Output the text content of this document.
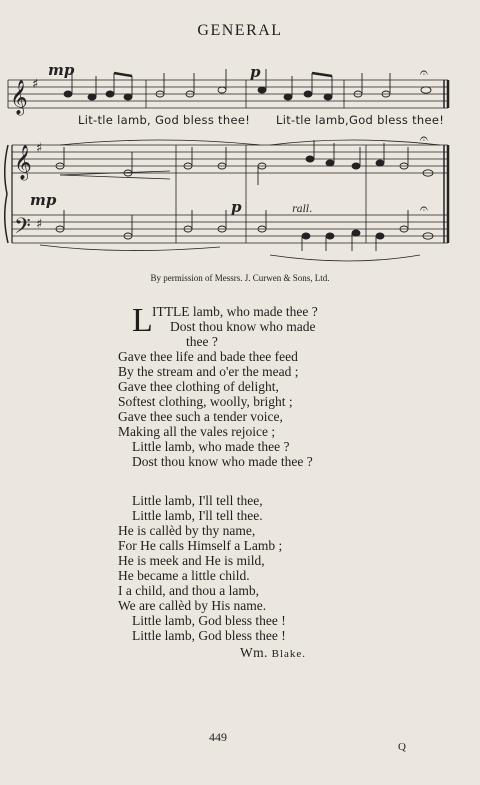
GENERAL
𝄞
𝄞
𝄢
♯
♯
♯
𝄐
𝄐
𝄐
mp	p
mp	p	rall.
Lit-tle lamb, God bless thee! Lit-tle lamb,God bless thee!
By permission of Messrs. J. Curwen & Sons, Ltd.
L ITTLE lamb, who made thee ?
Dost thou know who made
thee ?
Gave thee life and bade thee feed
By the stream and o'er the mead ;
Gave thee clothing of delight,
Softest clothing, woolly, bright ;
Gave thee such a tender voice,
Making all the vales rejoice ;
Little lamb, who made thee ?
Dost thou know who made thee ?
Little lamb, I'll tell thee,
Little lamb, I'll tell thee.
He is callèd by thy name,
For He calls Himself a Lamb ;
He is meek and He is mild,
He became a little child.
I a child, and thou a lamb,
We are callèd by His name.
Little lamb, God bless thee !
Little lamb, God bless thee !
Wm. Blake.
449
Q
